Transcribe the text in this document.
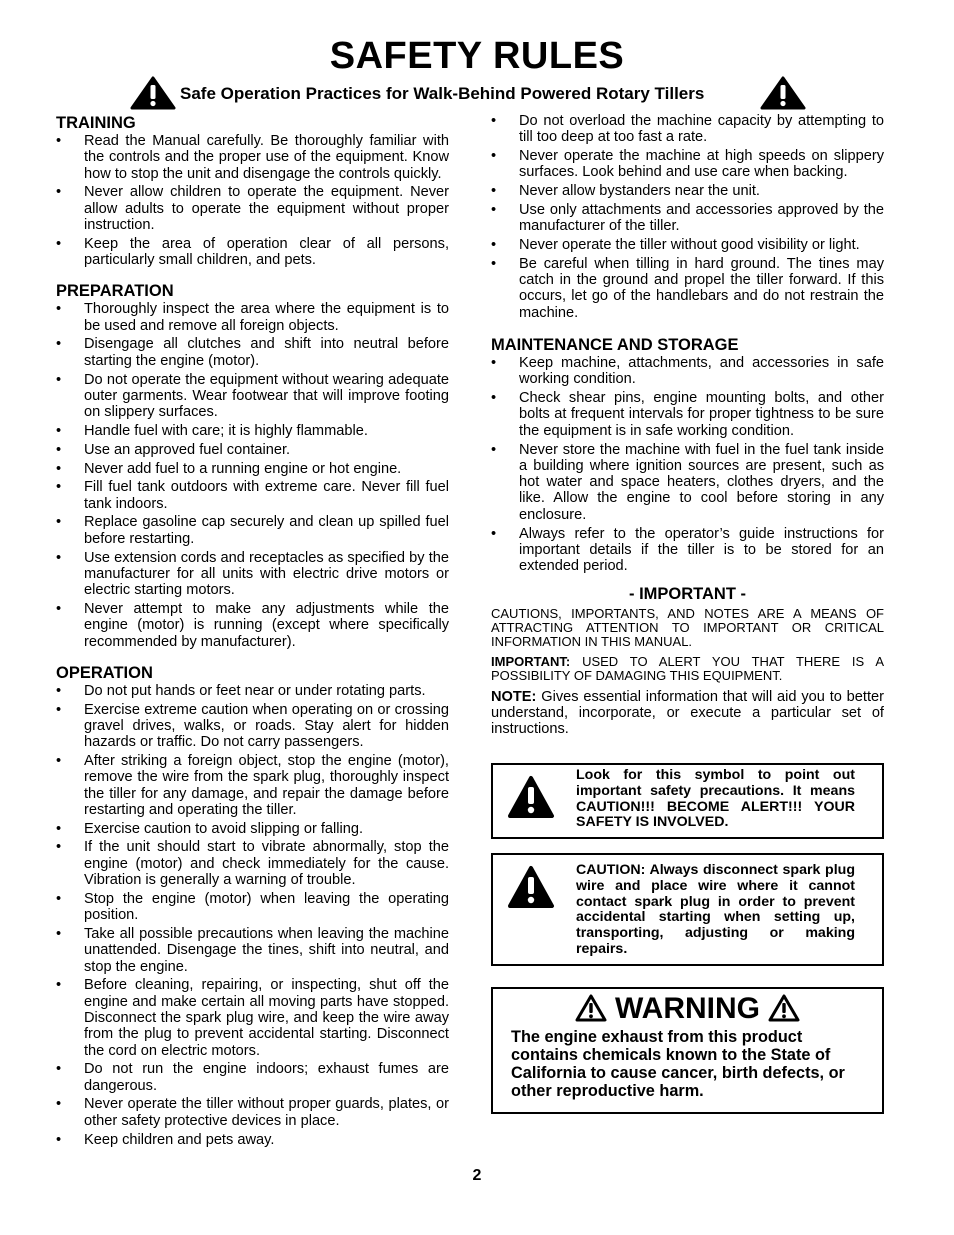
SAFETY RULES
Safe Operation Practices for Walk-Behind Powered Rotary Tillers
TRAINING
• Read the Manual carefully. Be thoroughly familiar with the controls and the proper use of the equipment. Know how to stop the unit and disengage the controls quickly.
• Never allow children to operate the equipment. Never allow adults to operate the equipment without proper instruction.
• Keep the area of operation clear of all persons, particularly small children, and pets.
PREPARATION
• Thoroughly inspect the area where the equipment is to be used and remove all foreign objects.
• Disengage all clutches and shift into neutral before starting the engine (motor).
• Do not operate the equipment without wearing adequate outer garments. Wear footwear that will improve footing on slippery surfaces.
• Handle fuel with care; it is highly flammable.
• Use an approved fuel container.
• Never add fuel to a running engine or hot engine.
• Fill fuel tank outdoors with extreme care. Never fill fuel tank indoors.
• Replace gasoline cap securely and clean up spilled fuel before restarting.
• Use extension cords and receptacles as specified by the manufacturer for all units with electric drive motors or electric starting motors.
• Never attempt to make any adjustments while the engine (motor) is running (except where specifically recommended by manufacturer).
OPERATION
• Do not put hands or feet near or under rotating parts.
• Exercise extreme caution when operating on or crossing gravel drives, walks, or roads. Stay alert for hidden hazards or traffic. Do not carry passengers.
• After striking a foreign object, stop the engine (motor), remove the wire from the spark plug, thoroughly inspect the tiller for any damage, and repair the damage before restarting and operating the tiller.
• Exercise caution to avoid slipping or falling.
• If the unit should start to vibrate abnormally, stop the engine (motor) and check immediately for the cause. Vibration is generally a warning of trouble.
• Stop the engine (motor) when leaving the operating position.
• Take all possible precautions when leaving the machine unattended. Disengage the tines, shift into neutral, and stop the engine.
• Before cleaning, repairing, or inspecting, shut off the engine and make certain all moving parts have stopped. Disconnect the spark plug wire, and keep the wire away from the plug to prevent accidental starting. Disconnect the cord on electric motors.
• Do not run the engine indoors; exhaust fumes are dangerous.
• Never operate the tiller without proper guards, plates, or other safety protective devices in place.
• Keep children and pets away.
• Do not overload the machine capacity by attempting to till too deep at too fast a rate.
• Never operate the machine at high speeds on slippery surfaces. Look behind and use care when backing.
• Never allow bystanders near the unit.
• Use only attachments and accessories approved by the manufacturer of the tiller.
• Never operate the tiller without good visibility or light.
• Be careful when tilling in hard ground. The tines may catch in the ground and propel the tiller forward. If this occurs, let go of the handlebars and do not restrain the machine.
MAINTENANCE AND STORAGE
• Keep machine, attachments, and accessories in safe working condition.
• Check shear pins, engine mounting bolts, and other bolts at frequent intervals for proper tightness to be sure the equipment is in safe working condition.
• Never store the machine with fuel in the fuel tank inside a building where ignition sources are present, such as hot water and space heaters, clothes dryers, and the like. Allow the engine to cool before storing in any enclosure.
• Always refer to the operator’s guide instructions for important details if the tiller is to be stored for an extended period.
- IMPORTANT -

CAUTIONS, IMPORTANTS, AND NOTES ARE A MEANS OF ATTRACTING ATTENTION TO IMPORTANT OR CRITICAL INFORMATION IN THIS MANUAL.

IMPORTANT: USED TO ALERT YOU THAT THERE IS A POSSIBILITY OF DAMAGING THIS EQUIPMENT.

NOTE: Gives essential information that will aid you to better understand, incorporate, or execute a particular set of instructions.

Look for this symbol to point out important safety precautions. It means CAUTION!!! BECOME ALERT!!! YOUR SAFETY IS INVOLVED.
CAUTION: Always disconnect spark plug wire and place wire where it cannot contact spark plug in order to prevent accidental starting when setting up, transporting, adjusting or making repairs.
WARNING
The engine exhaust from this product contains chemicals known to the State of California to cause cancer, birth defects, or other reproductive harm.
2
